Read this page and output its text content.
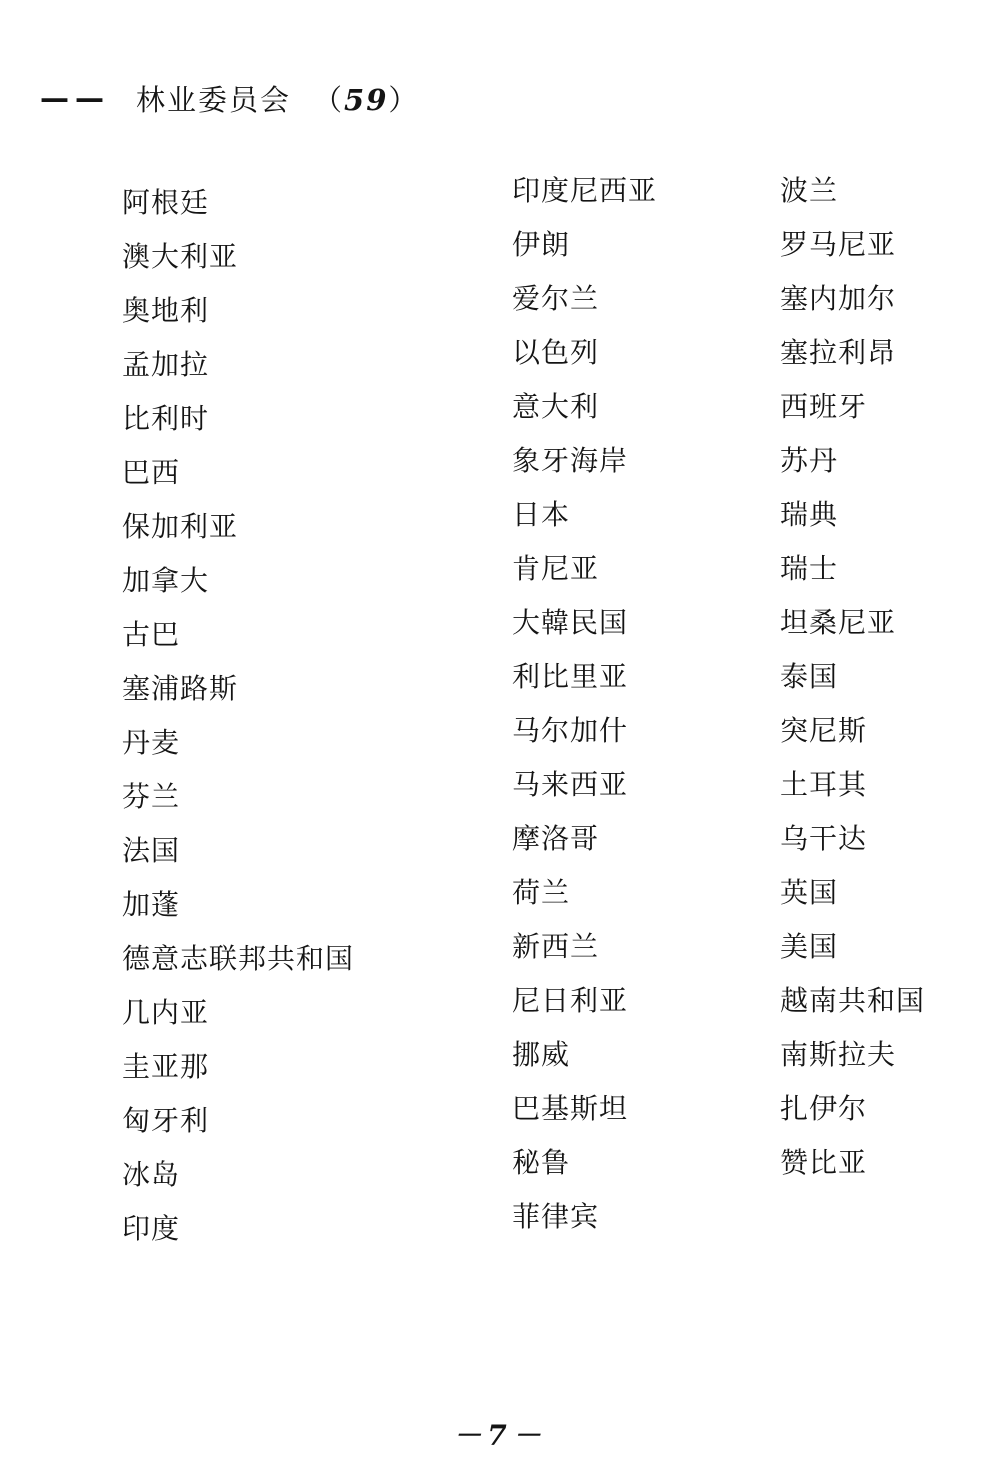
—— 林业委员会 （59）
阿根廷
澳大利亚
奥地利
孟加拉
比利时
巴西
保加利亚
加拿大
古巴
塞浦路斯
丹麦
芬兰
法国
加蓬
德意志联邦共和国
几内亚
圭亚那
匈牙利
冰岛
印度
印度尼西亚
伊朗
爱尔兰
以色列
意大利
象牙海岸
日本
肯尼亚
大韓民国
利比里亚
马尔加什
马来西亚
摩洛哥
荷兰
新西兰
尼日利亚
挪威
巴基斯坦
秘鲁
菲律宾
波兰
罗马尼亚
塞内加尔
塞拉利昂
西班牙
苏丹
瑞典
瑞士
坦桑尼亚
泰国
突尼斯
土耳其
乌干达
英国
美国
越南共和国
南斯拉夫
扎伊尔
赞比亚
－7－
